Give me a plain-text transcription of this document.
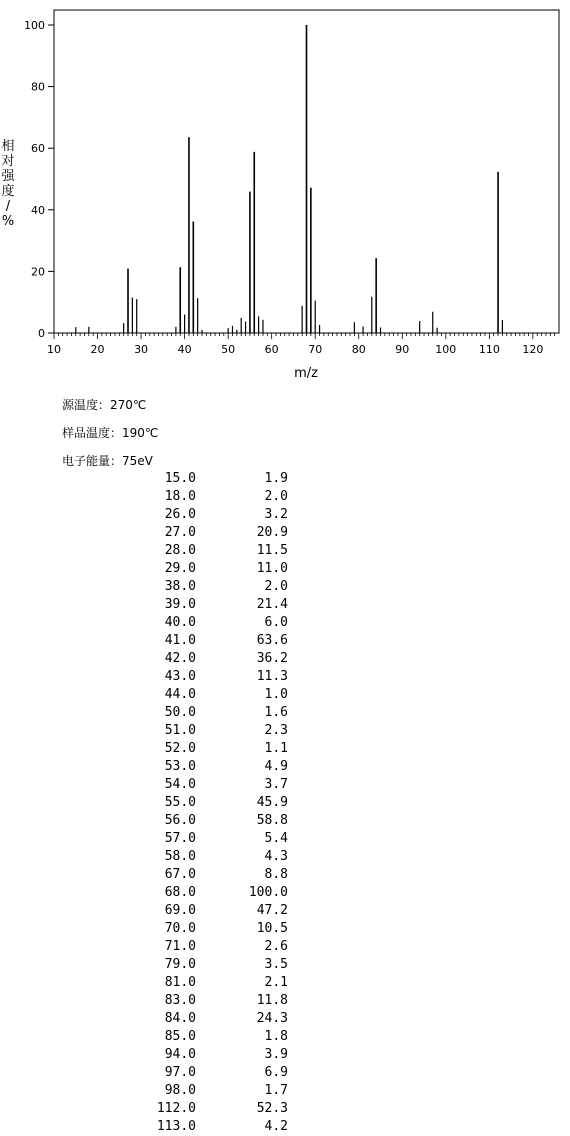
0
20
40
60
80
100
10	20	30	40	50	60	70	80	90 100 110 120
m/z
相
对
强
度
/
%
源温度：270℃
样品温度：190℃
电子能量：75eV
15.0	1.9
18.0	2.0
26.0	3.2
27.0	20.9
28.0	11.5
29.0	11.0
38.0	2.0
39.0	21.4
40.0	6.0
41.0	63.6
42.0	36.2
43.0	11.3
44.0	1.0
50.0	1.6
51.0	2.3
52.0	1.1
53.0	4.9
54.0	3.7
55.0	45.9
56.0	58.8
57.0	5.4
58.0	4.3
67.0	8.8
68.0	100.0
69.0	47.2
70.0	10.5
71.0	2.6
79.0	3.5
81.0	2.1
83.0	11.8
84.0	24.3
85.0	1.8
94.0	3.9
97.0	6.9
98.0	1.7
112.0	52.3
113.0	4.2
